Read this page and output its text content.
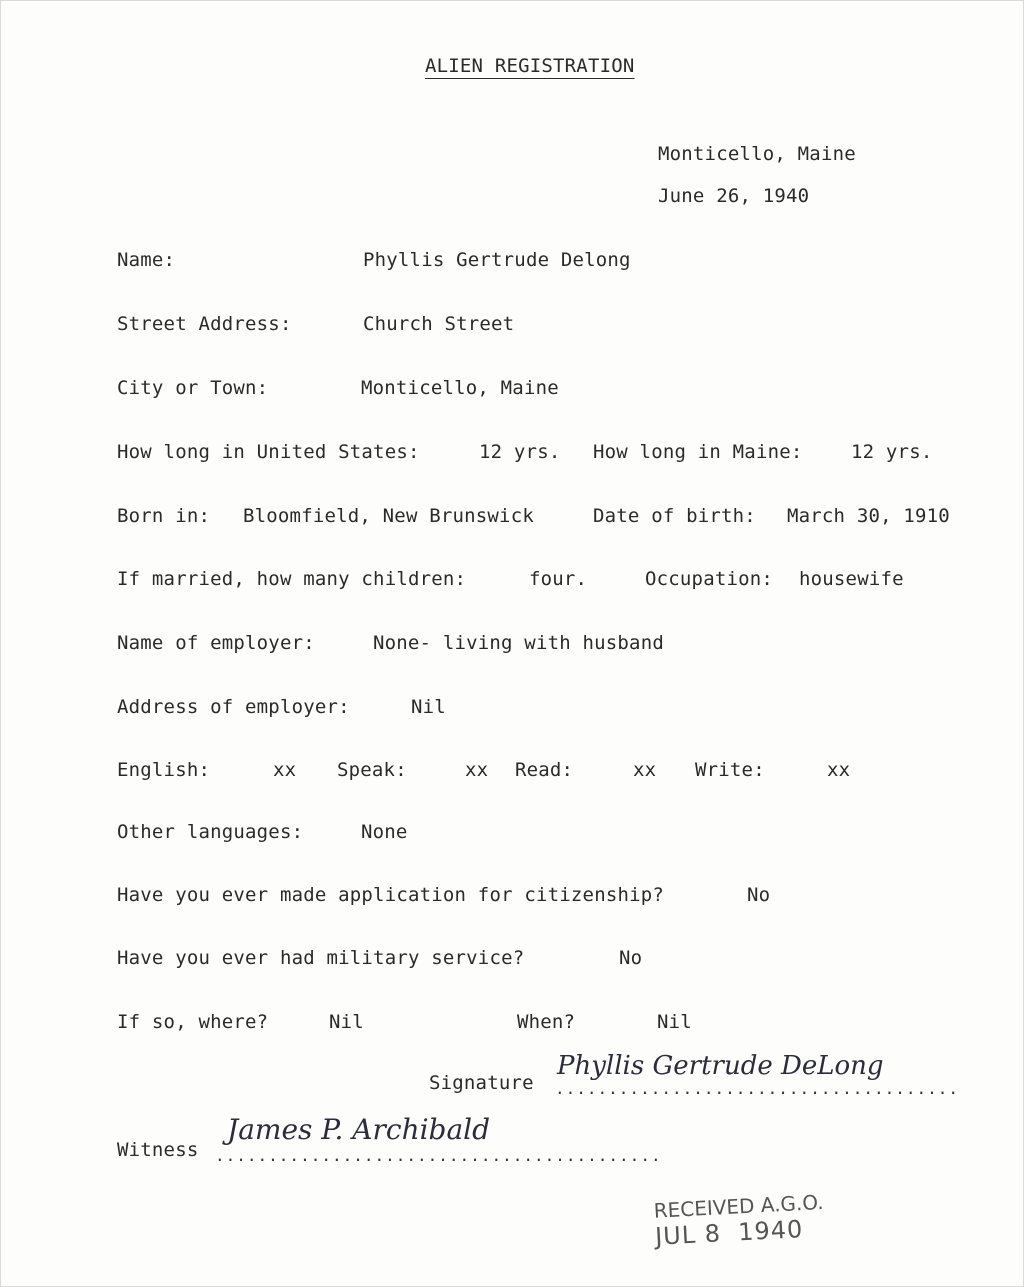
ALIEN REGISTRATION
Monticello, Maine
June 26, 1940
Name:	Phyllis Gertrude Delong
Street Address:	Church Street
City or Town:	Monticello, Maine
How long in United States:	12 yrs. How long in Maine:	12 yrs.
Born in: Bloomfield, New Brunswick	Date of birth: March 30, 1910
If married, how many children:	four.	Occupation: housewife
Name of employer:	None- living with husband
Address of employer:	Nil
English:	xx Speak:	xx Read:	xx Write:	xx
Other languages:	None
Have you ever made application for citizenship?	No
Have you ever had military service?	No
If so, where?	Nil	When?	Nil
Signature ......................................
Phyllis Gertrude DeLong
Witness ..........................................
James P. Archibald

RECEIVED A.G.O.
JUL 8  1940
